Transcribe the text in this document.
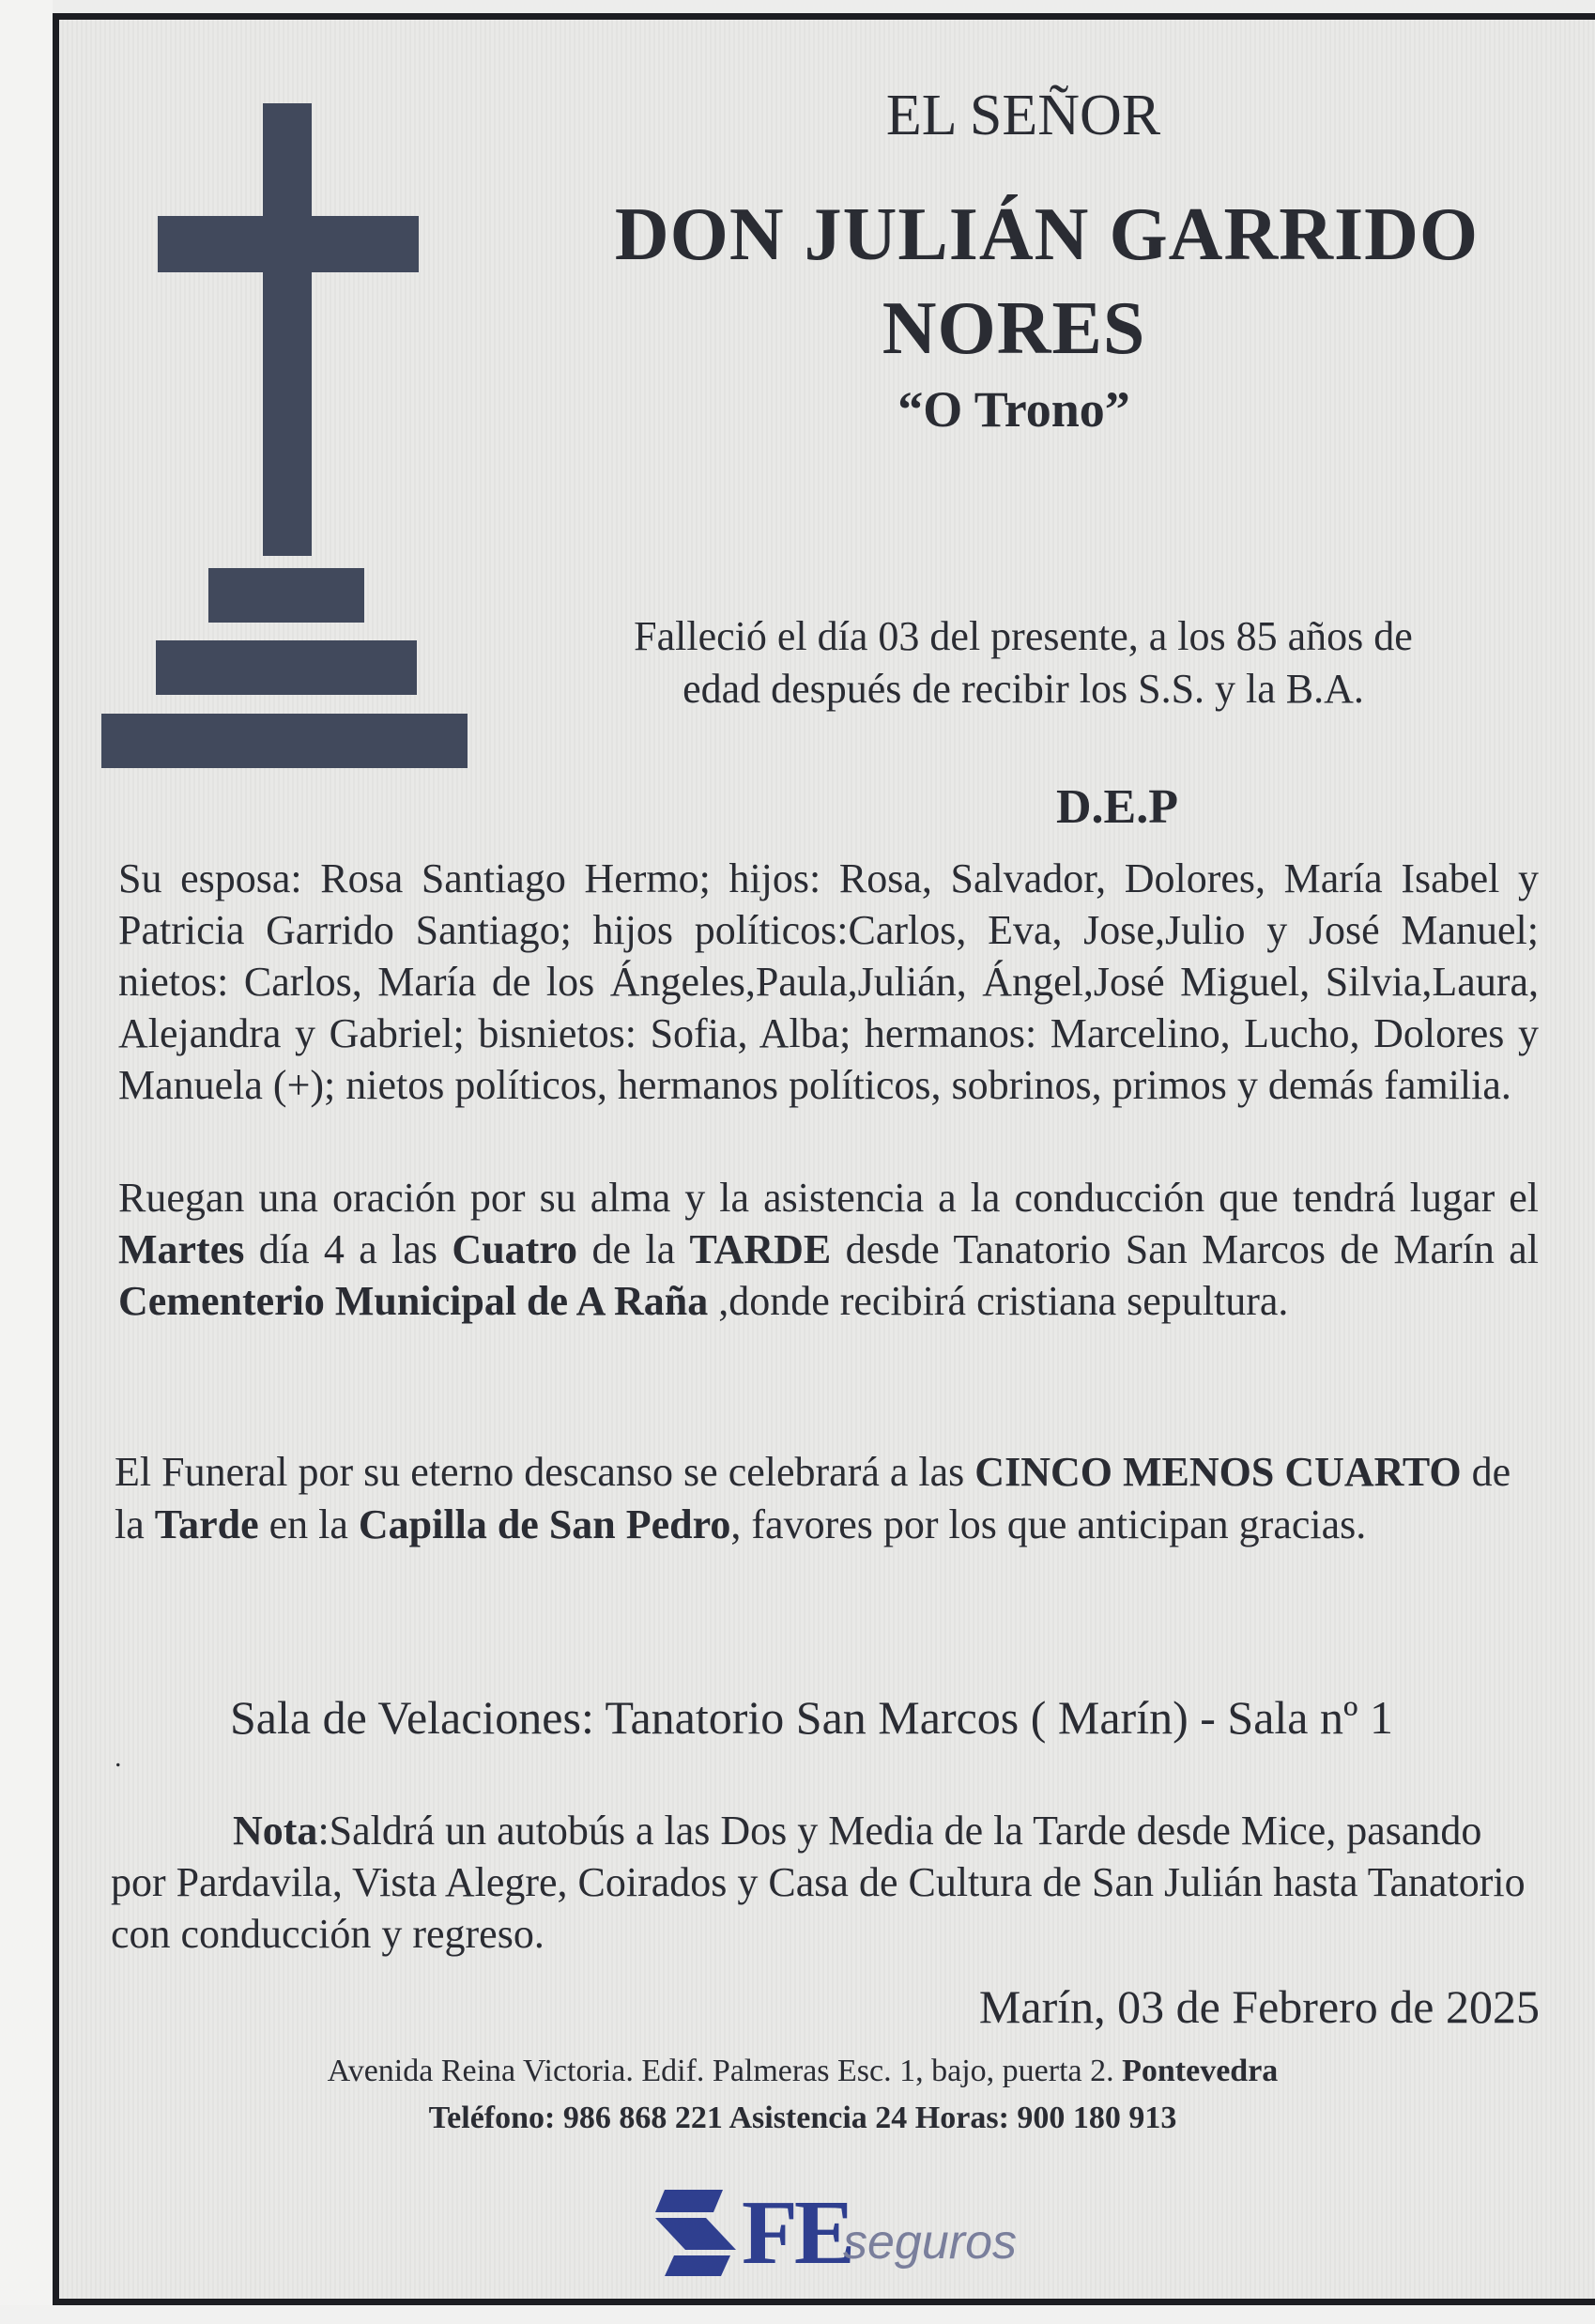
EL SEÑOR
DON JULIÁN GARRIDO
NORES
“O Trono”
Falleció el día 03 del presente, a los 85 años de
edad después de recibir los S.S. y la B.A.
D.E.P
Su esposa: Rosa Santiago Hermo; hijos: Rosa, Salvador, Dolores, María Isabel y Patricia Garrido Santiago; hijos políticos:Carlos, Eva, Jose,Julio y José Manuel; nietos: Carlos, María de los Ángeles,Paula,Julián, Ángel,José Miguel, Silvia,Laura, Alejandra y Gabriel; bisnietos: Sofia, Alba; hermanos: Marcelino, Lucho, Dolores y Manuela (+); nietos políticos, hermanos políticos, sobrinos, primos y demás familia.
Ruegan una oración por su alma y la asistencia a la conducción que tendrá lugar el Martes día 4 a las Cuatro de la TARDE desde Tanatorio San Marcos de Marín al Cementerio Municipal de A Raña ,donde recibirá cristiana sepultura.
El Funeral por su eterno descanso se celebrará a las CINCO MENOS CUARTO de la Tarde en la Capilla de San Pedro, favores por los que anticipan gracias.
Sala de Velaciones: Tanatorio San Marcos ( Marín) - Sala nº 1
.
Nota:Saldrá un autobús a las Dos y Media de la Tarde desde Mice, pasando por Pardavila, Vista Alegre, Coirados y Casa de Cultura de San Julián hasta Tanatorio con conducción y regreso.
Marín, 03 de Febrero de 2025
Avenida Reina Victoria. Edif. Palmeras Esc. 1, bajo, puerta 2. Pontevedra
Teléfono: 986 868 221 Asistencia 24 Horas: 900 180 913
FE
seguros
